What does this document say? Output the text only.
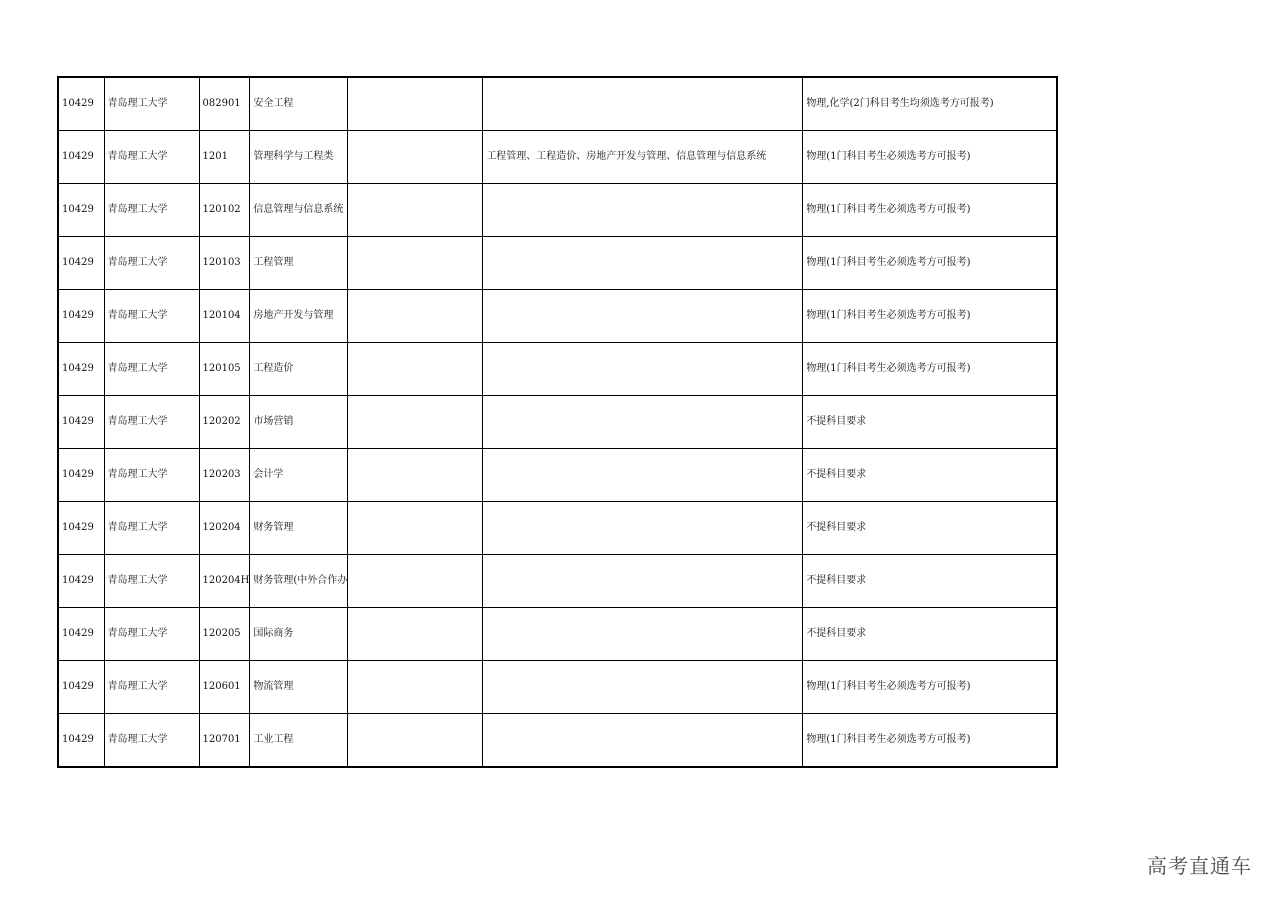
10429	青岛理工大学	082901	安全工程			物理,化学(2门科目考生均须选考方可报考)
10429	青岛理工大学	1201	管理科学与工程类		工程管理、工程造价、房地产开发与管理、信息管理与信息系统	物理(1门科目考生必须选考方可报考)
10429	青岛理工大学	120102	信息管理与信息系统			物理(1门科目考生必须选考方可报考)
10429	青岛理工大学	120103	工程管理			物理(1门科目考生必须选考方可报考)
10429	青岛理工大学	120104	房地产开发与管理			物理(1门科目考生必须选考方可报考)
10429	青岛理工大学	120105	工程造价			物理(1门科目考生必须选考方可报考)
10429	青岛理工大学	120202	市场营销			不提科目要求
10429	青岛理工大学	120203	会计学			不提科目要求
10429	青岛理工大学	120204	财务管理			不提科目要求
10429	青岛理工大学	120204H	财务管理(中外合作办			不提科目要求
10429	青岛理工大学	120205	国际商务			不提科目要求
10429	青岛理工大学	120601	物流管理			物理(1门科目考生必须选考方可报考)
10429	青岛理工大学	120701	工业工程			物理(1门科目考生必须选考方可报考)
高考直通车
